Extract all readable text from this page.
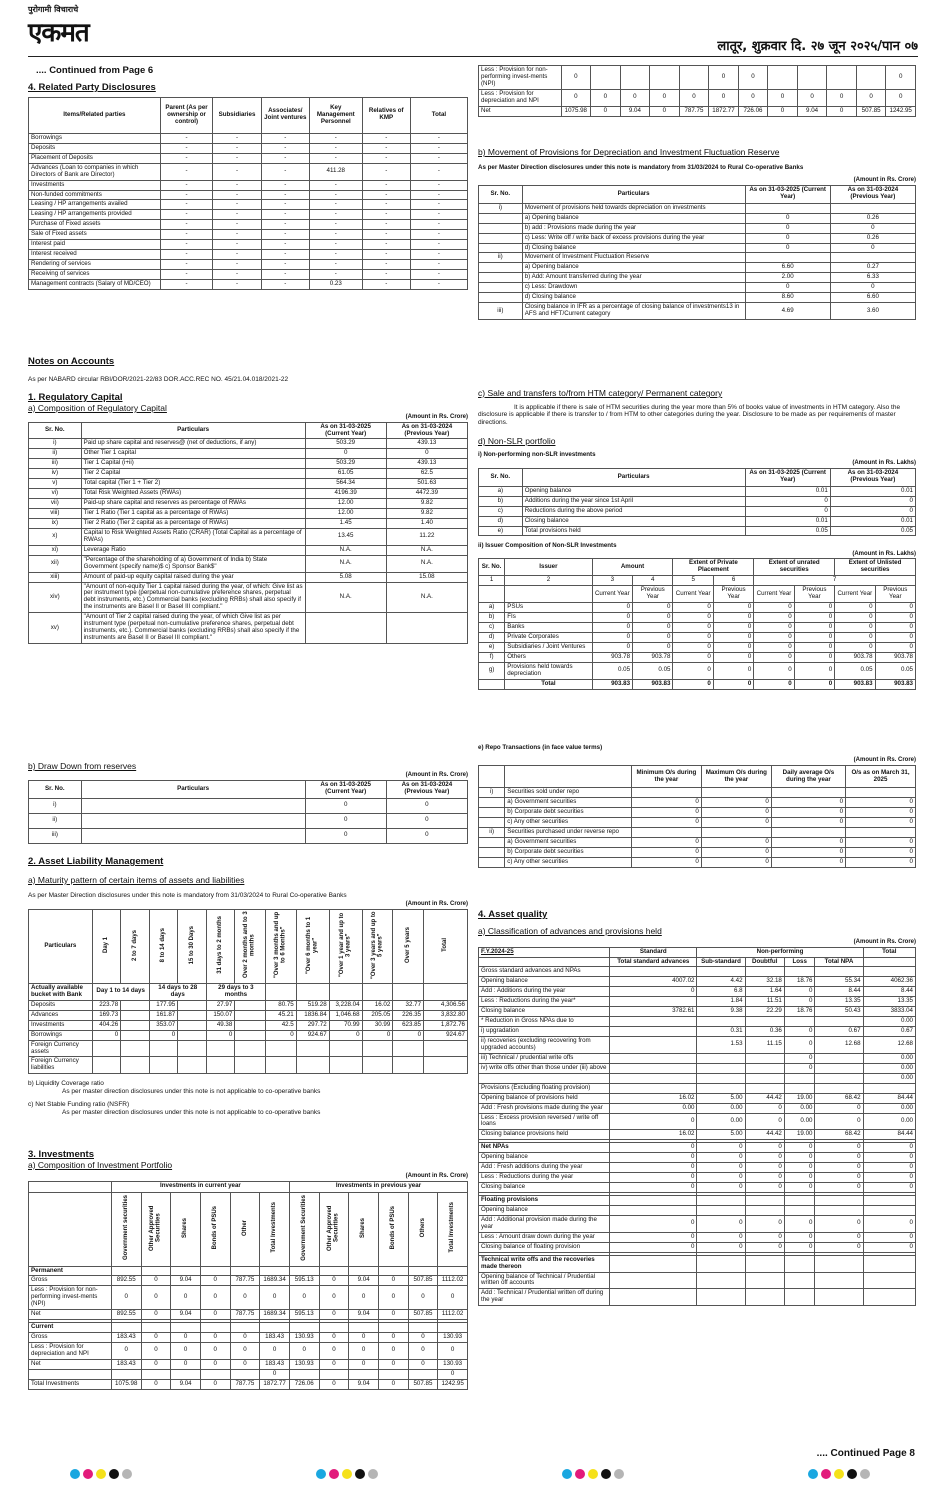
पुरोगामी विचाराचे
एकमत	लातूर, शुक्रवार दि. २७ जून २०२५/पान ०७
.... Continued from Page 6
4. Related Party Disclosures
Items/Related parties	Parent (As per ownership or control)	Subsidiaries	Associates/ Joint ventures	Key Management Personnel	Relatives of KMP	Total
Borrowings	-	-	-	-	-	-
Deposits	-	-	-	-	-	-
Placement of Deposits	-	-	-	-	-	-
Advances (Loan to companies in which Directors of Bank are Director)	-	-	-	411.28	-	-
Investments	-	-	-	-	-	-
Non-funded commitments	-	-	-	-	-	-
Leasing / HP arrangements availed	-	-	-	-	-	-
Leasing / HP arrangements provided	-	-	-	-	-	-
Purchase of Fixed assets	-	-	-	-	-	-
Sale of Fixed assets	-	-	-	-	-	-
Interest paid	-	-	-	-	-	-
Interest received	-	-	-	-	-	-
Rendering of services	-	-	-	-	-	-
Receiving of services	-	-	-	-	-	-
Management contracts (Salary of MD/CEO)	-	-	-	0.23	-	-
Notes on Accounts
As per NABARD circular RBI/DOR/2021-22/83 DOR.ACC.REC NO. 45/21.04.018/2021-22
1. Regulatory Capital
a) Composition of Regulatory Capital
(Amount in Rs. Crore)
Sr. No.	Particulars	As on 31-03-2025 (Current Year)	As on 31-03-2024 (Previous Year)
i)	Paid up share capital and reserves@ (net of deductions, if any)	503.29	439.13
ii)	Other Tier 1 capital	0	0
iii)	Tier 1 Capital (i+ii)	503.29	439.13
iv)	Tier 2 Capital	61.05	62.5
v)	Total capital (Tier 1 + Tier 2)	564.34	501.63
vi)	Total Risk Weighted Assets (RWAs)	4196.39	4472.39
vii)	Paid-up share capital and reserves as percentage of RWAs	12.00	9.82
viii)	Tier 1 Ratio (Tier 1 capital as a percentage of RWAs)	12.00	9.82
ix)	Tier 2 Ratio (Tier 2 capital as a percentage of RWAs)	1.45	1.40
x)	Capital to Risk Weighted Assets Ratio (CRAR) (Total Capital as a percentage of RWAs)	13.45	11.22
xi)	Leverage Ratio	N.A.	N.A.
xii)	"Percentage of the shareholding of a) Government of India b) State Government (specify name)$ c) Sponsor Bank$"	N.A.	N.A.
xiii)	Amount of paid-up equity capital raised during the year	5.08	15.08
xiv)	"Amount of non-equity Tier 1 capital raised during the year, of which: Give list as per instrument type (perpetual non-cumulative preference shares, perpetual debt instruments, etc.) Commercial banks (excluding RRBs) shall also specify if the instruments are Basel II or Basel III compliant."	N.A.	N.A.
xv)	"Amount of Tier 2 capital raised during the year, of which Give list as per instrument type (perpetual non-cumulative preference shares, perpetual debt instruments, etc.). Commercial banks (excluding RRBs) shall also specify if the instruments are Basel II or Basel III compliant."		
b) Draw Down from reserves
(Amount in Rs. Crore)
Sr. No.	Particulars	As on 31-03-2025 (Current Year)	As on 31-03-2024 (Previous Year)
i)		0	0
ii)		0	0
iii)		0	0
2. Asset Liability Management
a) Maturity pattern of certain items of assets and liabilities
As per Master Direction disclosures under this note is mandatory from 31/03/2024 to Rural Co-operative Banks
(Amount in Rs. Crore)
Particulars	Day 1	2 to 7 days	8 to 14 days	15 to 30 Days	31 days to 2 months	Over 2 months and to 3 months	"Over 3 months and up to 6 Months"	"Over 6 months to 1 year"	"Over 1 year and up to 3 years"	"Over 3 years and up to 5 years"	Over 5 years	Total
Actually available bucket with Bank	Day 1 to 14 days		14 days to 28 days		29 days to 3 months							
Deposits	223.78		177.95		27.97		80.75	519.28	3,228.04	16.02	32.77	4,306.56
Advances	169.73		161.87		150.07		45.21	1836.84	1,046.68	205.05	226.35	3,832.80
Investments	404.26		353.07		49.38		42.5	297.72	70.99	30.99	623.85	1,872.76
Borrowings	0		0		0		0	924.67	0	0	0	924.67
Foreign Currency assets												
Foreign Currency liabilities												
b) Liquidity Coverage ratio
As per master direction disclosures under this note is not applicable to co-operative banks
c) Net Stable Funding ratio (NSFR)
As per master direction disclosures under this note is not applicable to co-operative banks
3. Investments
a) Composition of Investment Portfolio
(Amount in Rs. Crore)
	Investments in current year						Investments in previous year					
	Government securities	Other Approved Securities	Shares	Bonds of PSUs	Other	Total Investments	Government Securities	Other Approved Securities	Shares	Bonds of PSUs	Others	Total Investments
Permanent												
Gross	892.55	0	9.04	0	787.75	1689.34	595.13	0	9.04	0	507.85	1112.02
Less : Provision for non-performing invest-ments (NPI)	0	0	0	0	0	0	0	0	0	0	0	0
Net	892.55	0	9.04	0	787.75	1689.34	595.13	0	9.04	0	507.85	1112.02

Current												
Gross	183.43	0	0	0	0	183.43	130.93	0	0	0	0	130.93
Less : Provision for depreciation and NPI	0	0	0	0	0	0	0	0	0	0	0	0
Net	183.43	0	0	0	0	183.43	130.93	0	0	0	0	130.93
						0						0
Total Investments	1075.98	0	9.04	0	787.75	1872.77	726.06	0	9.04	0	507.85	1242.95
Less : Provision for non-performing invest-ments (NPI)	0					0	0					0
Less : Provision for depreciation and NPI	0	0	0	0	0	0	0	0	0	0	0	0
Net	1075.98	0	9.04	0	787.75	1872.77	726.06	0	9.04	0	507.85	1242.95
b) Movement of Provisions for Depreciation and Investment Fluctuation Reserve
As per Master Direction disclosures under this note is mandatory from 31/03/2024 to Rural Co-operative Banks
(Amount in Rs. Crore)
Sr. No.	Particulars	As on 31-03-2025 (Current Year)	As on 31-03-2024 (Previous Year)
i)	Movement of provisions held towards depreciation on investments		
	a) Opening balance	0	0.26
	b) add : Provisions made during the year	0	0
	c) Less: Write off / write back of excess provisions during the year	0	0.26
	d) Closing balance	0	0
ii)	Movement of Investment Fluctuation Reserve		
	a) Opening balance	6.60	0.27
	b) Add: Amount transferred during the year	2.00	6.33
	c) Less: Drawdown	0	0
	d) Closing balance	8.60	6.60
iii)	Closing balance in IFR as a percentage of closing balance of investments13 in AFS and HFT/Current category	4.69	3.60
c) Sale and transfers to/from HTM category/ Permanent category
It is applicable if there is sale of HTM securities during the year more than 5% of books value of investments in HTM category. Also the disclosure is applicable if there is transfer to / from HTM to other categories during the year. Disclosure to be made as per requirements of master directions.
d) Non-SLR portfolio
i) Non-performing non-SLR investments
(Amount in Rs. Lakhs)
Sr. No.	Particulars	As on 31-03-2025 (Current Year)	As on 31-03-2024 (Previous Year)
a)	Opening balance	0.01	0.01
b)	Additions during the year since 1st April	0	0
c)	Reductions during the above period	0	0
d)	Closing balance	0.01	0.01
e)	Total provisions held	0.05	0.05
ii) Issuer Composition of Non-SLR Investments
(Amount in Rs. Lakhs)
Sr. No.	Issuer	Amount		Extent of Private Placement		Extent of unrated securities		Extent of Unlisted securities	
1	2	3	4	5	6	7			
		Current Year	Previous Year	Current Year	Previous Year	Current Year	Previous Year	Current Year	Previous Year
a)	PSUs	0	0	0	0	0	0	0	0
b)	FIs	0	0	0	0	0	0	0	0
c)	Banks	0	0	0	0	0	0	0	0
d)	Private Corporates	0	0	0	0	0	0	0	0
e)	Subsidiaries / Joint Ventures	0	0	0	0	0	0	0	0
f)	Others	903.78	903.78	0	0	0	0	903.78	903.78
g)	Provisions held towards depreciation	0.05	0.05	0	0	0	0	0.05	0.05
	Total	903.83	903.83	0	0	0	0	903.83	903.83
e) Repo Transactions (in face value terms)
(Amount in Rs. Crore)
		Minimum O/s during the year	Maximum O/s during the year	Daily average O/s during the year	O/s as on March 31, 2025
i)	Securities sold under repo				
	a) Government securities	0	0	0	0
	b) Corporate debt securities	0	0	0	0
	c) Any other securities	0	0	0	0
ii)	Securities purchased under reverse repo				
	a) Government securities	0	0	0	0
	b) Corporate debt securities	0	0	0	0
	c) Any other securities	0	0	0	0
4. Asset quality
a) Classification of advances and provisions held
(Amount in Rs. Crore)
F.Y.2024-25	Standard	Non-performing				Total
	Total standard advances	Sub-standard	Doubtful	Loss	Total NPA	
Gross standard advances and NPAs						
Opening balance	4007.02	4.42	32.18	18.76	55.34	4062.36
Add : Additions during the year	0	6.8	1.64	0	8.44	8.44
Less : Reductions during the year*		1.84	11.51	0	13.35	13.35
Closing balance	3782.61	9.38	22.29	18.76	50.43	3833.04
* Reduction in Gross NPAs due to						0.00
i) upgradation		0.31	0.36	0	0.67	0.67
ii) recoveries (excluding recovering from upgraded accounts)		1.53	11.15	0	12.68	12.68
iii) Technical / prudential write offs				0		0.00
iv) write offs other than those under (iii) above				0		0.00
						0.00
Provisions (Excluding floating provision)						
Opening balance of provisions held	16.02	5.00	44.42	19.00	68.42	84.44
Add : Fresh provisions made during the year	0.00	0.00	0	0.00	0	0.00
Less : Excess provision reversed / write off loans	0	0.00	0	0.00	0	0.00
Closing balance provisions held	16.02	5.00	44.42	19.00	68.42	84.44

Net NPAs	0	0	0	0	0	0
Opening balance	0	0	0	0	0	0
Add : Fresh additions during the year	0	0	0	0	0	0
Less : Reductions during the year	0	0	0	0	0	0
Closing balance	0	0	0	0	0	0

Floating provisions						
Opening balance						
Add : Additional provision made during the year	0	0	0	0	0	0
Less : Amount draw down during the year	0	0	0	0	0	0
Closing balance of floating provision	0	0	0	0	0	0

Technical write offs and the recoveries made thereon						
Opening balance of Technical / Prudential written off accounts						
Add : Technical / Prudential written off during the year						
.... Continued Page 8
